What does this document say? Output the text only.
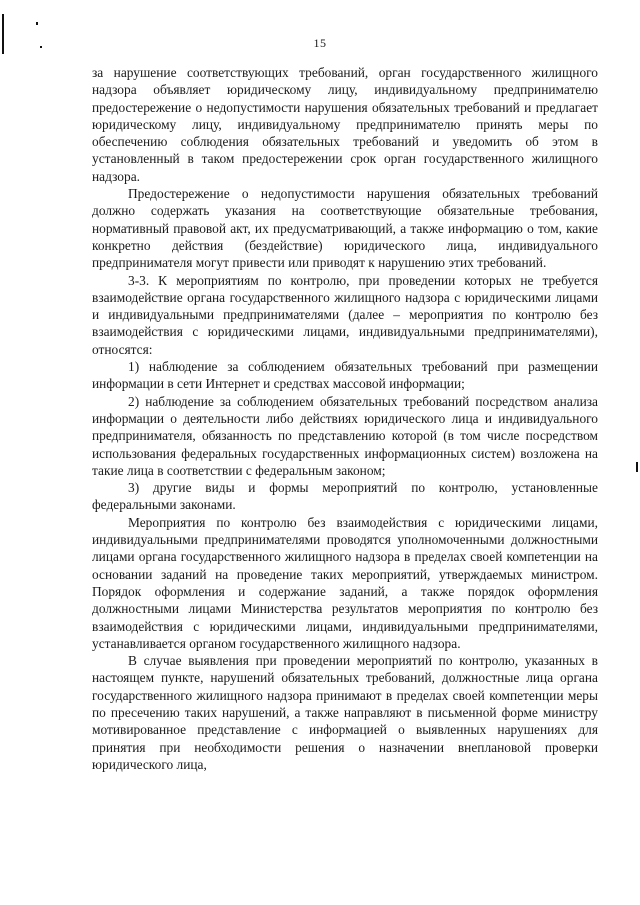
15

за нарушение соответствующих требований, орган государственного жилищного надзора объявляет юридическому лицу, индивидуальному предпринимателю предостережение о недопустимости нарушения обязательных требований и предлагает юридическому лицу, индивидуальному предпринимателю принять меры по обеспечению соблюдения обязательных требований и уведомить об этом в установленный в таком предостережении срок орган государственного жилищного надзора.

Предостережение о недопустимости нарушения обязательных требований должно содержать указания на соответствующие обязательные требования, нормативный правовой акт, их предусматривающий, а также информацию о том, какие конкретно действия (бездействие) юридического лица, индивидуального предпринимателя могут привести или приводят к нарушению этих требований.

3-3. К мероприятиям по контролю, при проведении которых не требуется взаимодействие органа государственного жилищного надзора с юридическими лицами и индивидуальными предпринимателями (далее – мероприятия по контролю без взаимодействия с юридическими лицами, индивидуальными предпринимателями), относятся:

1) наблюдение за соблюдением обязательных требований при размещении информации в сети Интернет и средствах массовой информации;

2) наблюдение за соблюдением обязательных требований посредством анализа информации о деятельности либо действиях юридического лица и индивидуального предпринимателя, обязанность по представлению которой (в том числе посредством использования федеральных государственных информационных систем) возложена на такие лица в соответствии с федеральным законом;

3) другие виды и формы мероприятий по контролю, установленные федеральными законами.

Мероприятия по контролю без взаимодействия с юридическими лицами, индивидуальными предпринимателями проводятся уполномоченными должностными лицами органа государственного жилищного надзора в пределах своей компетенции на основании заданий на проведение таких мероприятий, утверждаемых министром. Порядок оформления и содержание заданий, а также порядок оформления должностными лицами Министерства результатов мероприятия по контролю без взаимодействия с юридическими лицами, индивидуальными предпринимателями, устанавливается органом государственного жилищного надзора.

В случае выявления при проведении мероприятий по контролю, указанных в настоящем пункте, нарушений обязательных требований, должностные лица органа государственного жилищного надзора принимают в пределах своей компетенции меры по пресечению таких нарушений, а также направляют в письменной форме министру мотивированное представление с информацией о выявленных нарушениях для принятия при необходимости решения о назначении внеплановой проверки юридического лица,
